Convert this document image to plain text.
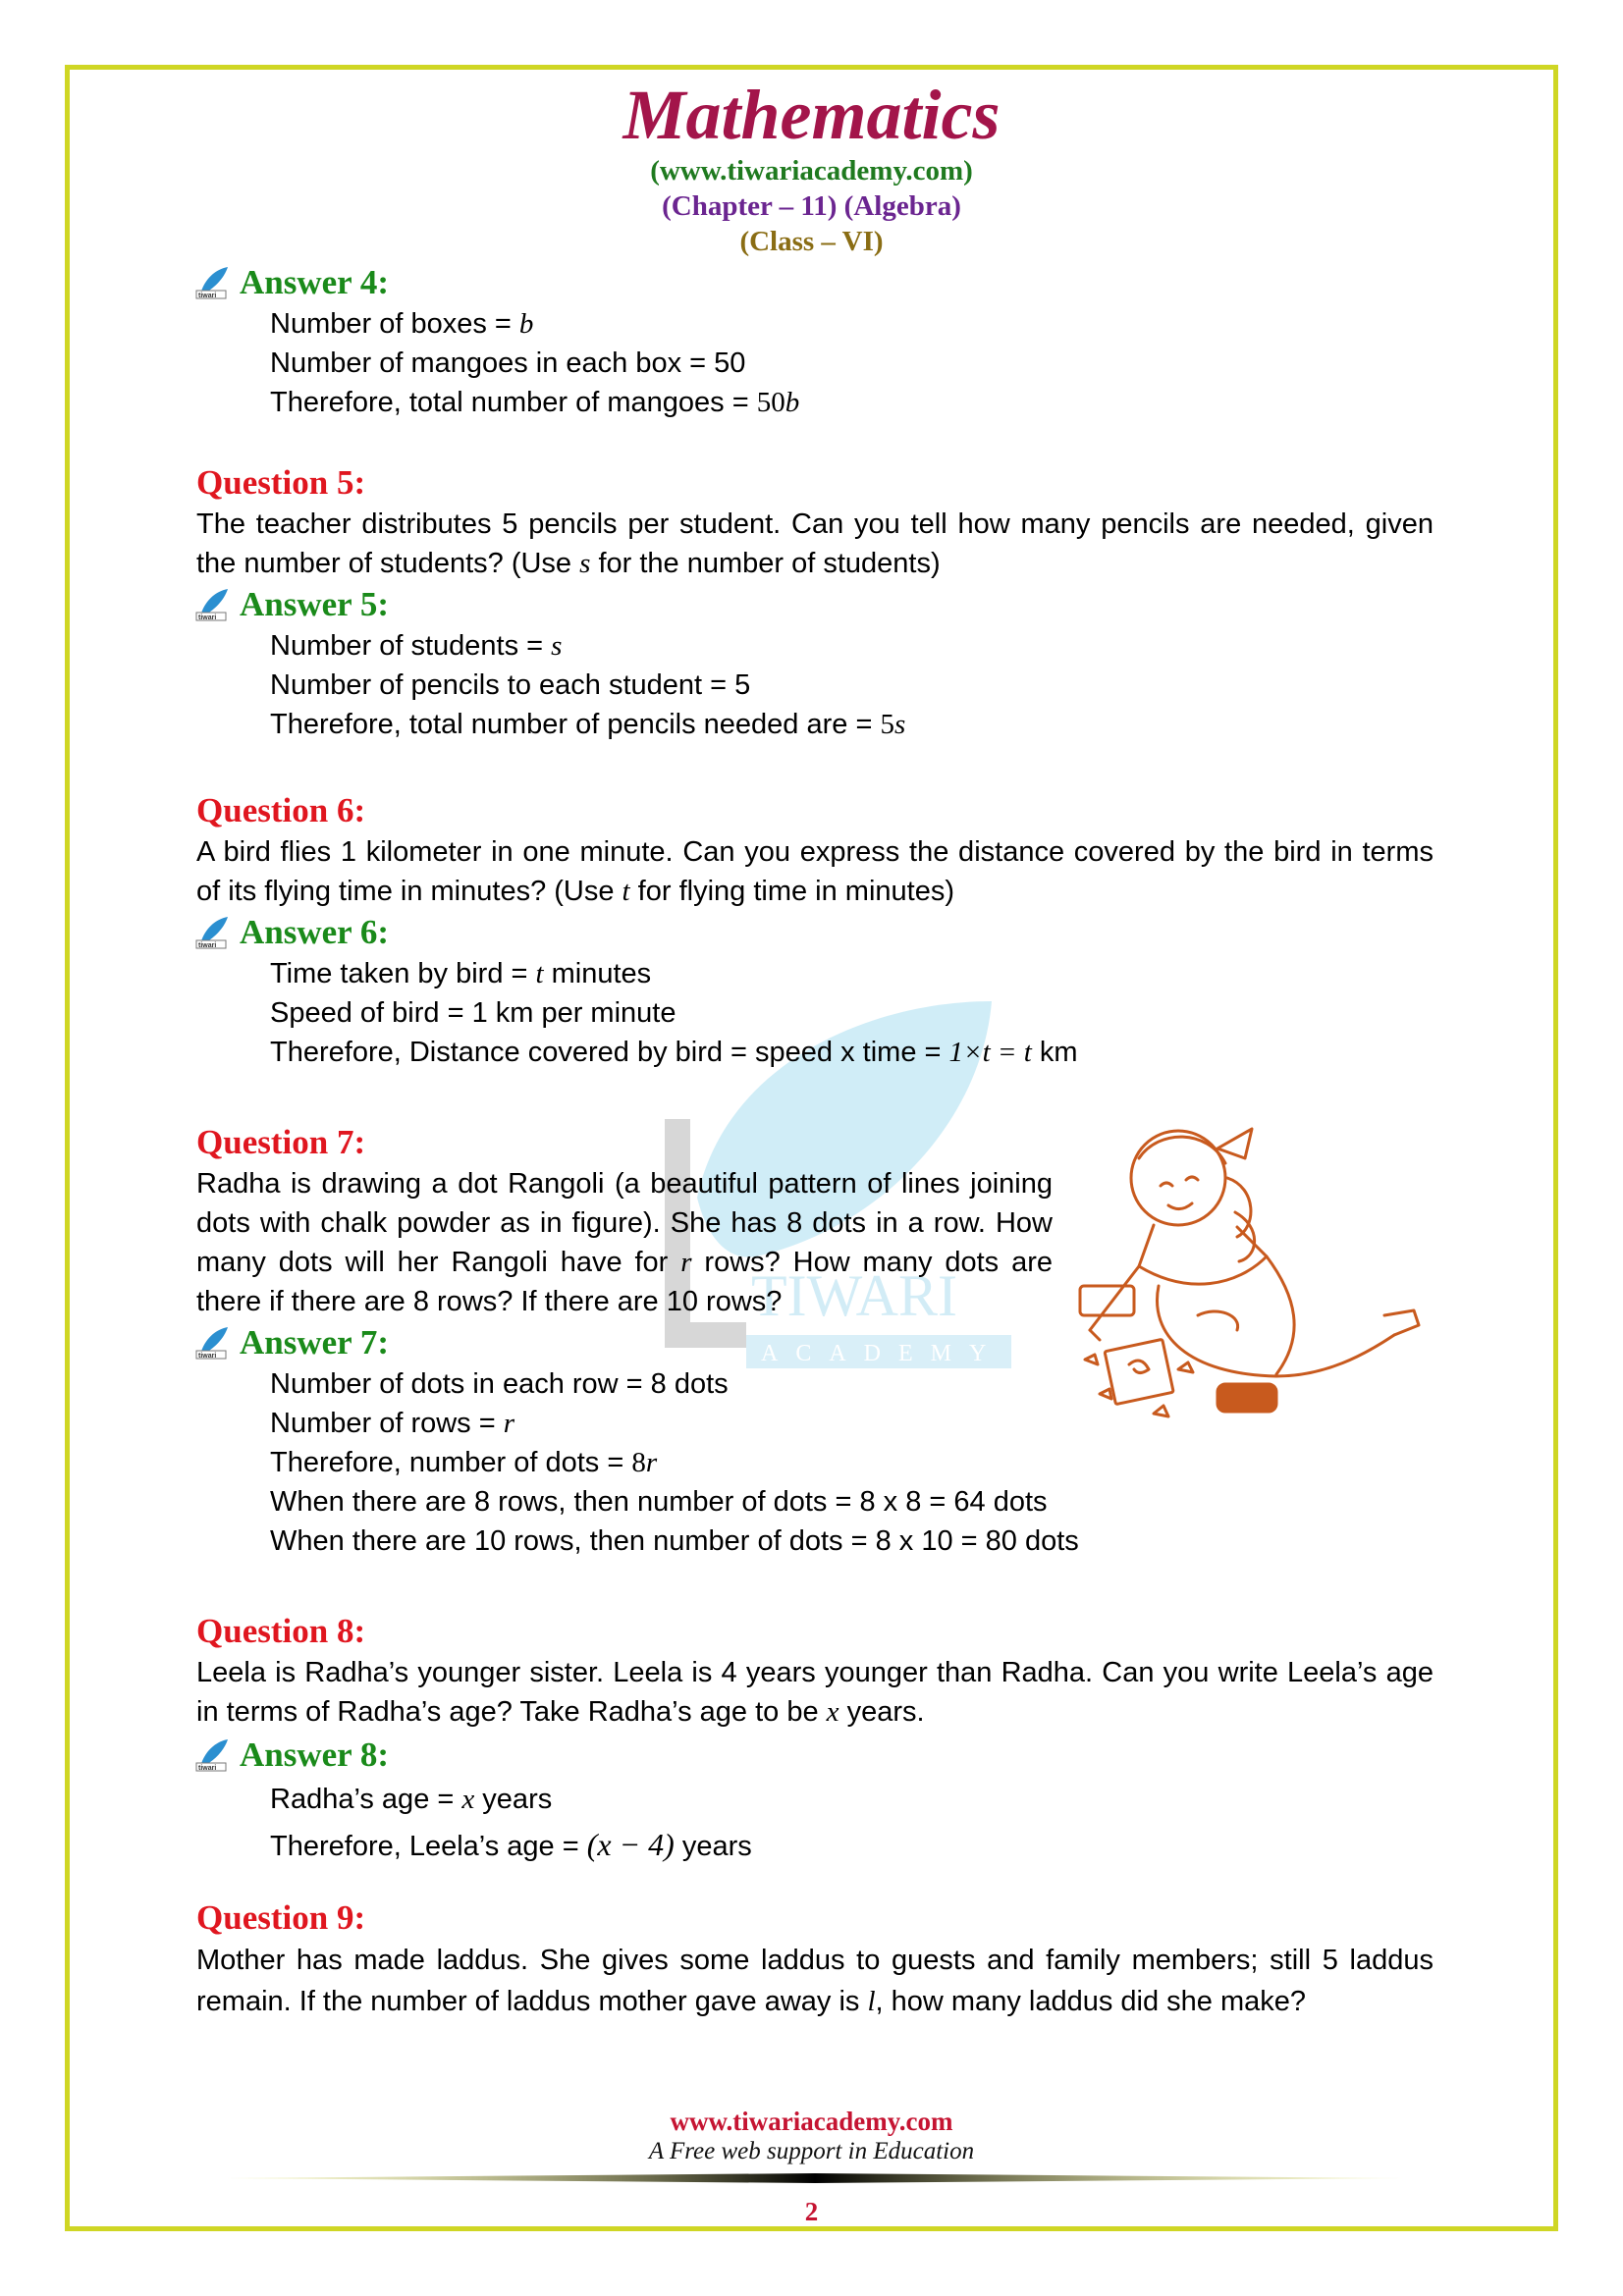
Mathematics
(www.tiwariacademy.com)
(Chapter – 11) (Algebra)
(Class – VI)
TIWARI
ACADEMY
tiwari Answer 4:
Number of boxes = b
Number of mangoes in each box = 50
Therefore, total number of mangoes = 50b
Question 5:
The teacher distributes 5 pencils per student. Can you tell how many pencils are needed, given the number of students? (Use s for the number of students)
tiwari Answer 5:
Number of students = s
Number of pencils to each student = 5
Therefore, total number of pencils needed are = 5s
Question 6:
A bird flies 1 kilometer in one minute. Can you express the distance covered by the bird in terms of its flying time in minutes? (Use t for flying time in minutes)
tiwari Answer 6:
Time taken by bird = t minutes
Speed of bird = 1 km per minute
Therefore, Distance covered by bird = speed x time = 1×t = t km
Question 7:
Radha is drawing a dot Rangoli (a beautiful pattern of lines joining dots with chalk powder as in figure). She has 8 dots in a row. How many dots will her Rangoli have for r rows? How many dots are there if there are 8 rows? If there are 10 rows?
tiwari Answer 7:
Number of dots in each row = 8 dots
Number of rows = r
Therefore, number of dots = 8r
When there are 8 rows, then number of dots = 8 x 8 = 64 dots
When there are 10 rows, then number of dots = 8 x 10 = 80 dots
Question 8:
Leela is Radha’s younger sister. Leela is 4 years younger than Radha. Can you write Leela’s age in terms of Radha’s age? Take Radha’s age to be x years.
tiwari Answer 8:
Radha’s age = x years
Therefore, Leela’s age = (x − 4) years
Question 9:
Mother has made laddus. She gives some laddus to guests and family members; still 5 laddus remain. If the number of laddus mother gave away is l, how many laddus did she make?
www.tiwariacademy.com
A Free web support in Education
2
